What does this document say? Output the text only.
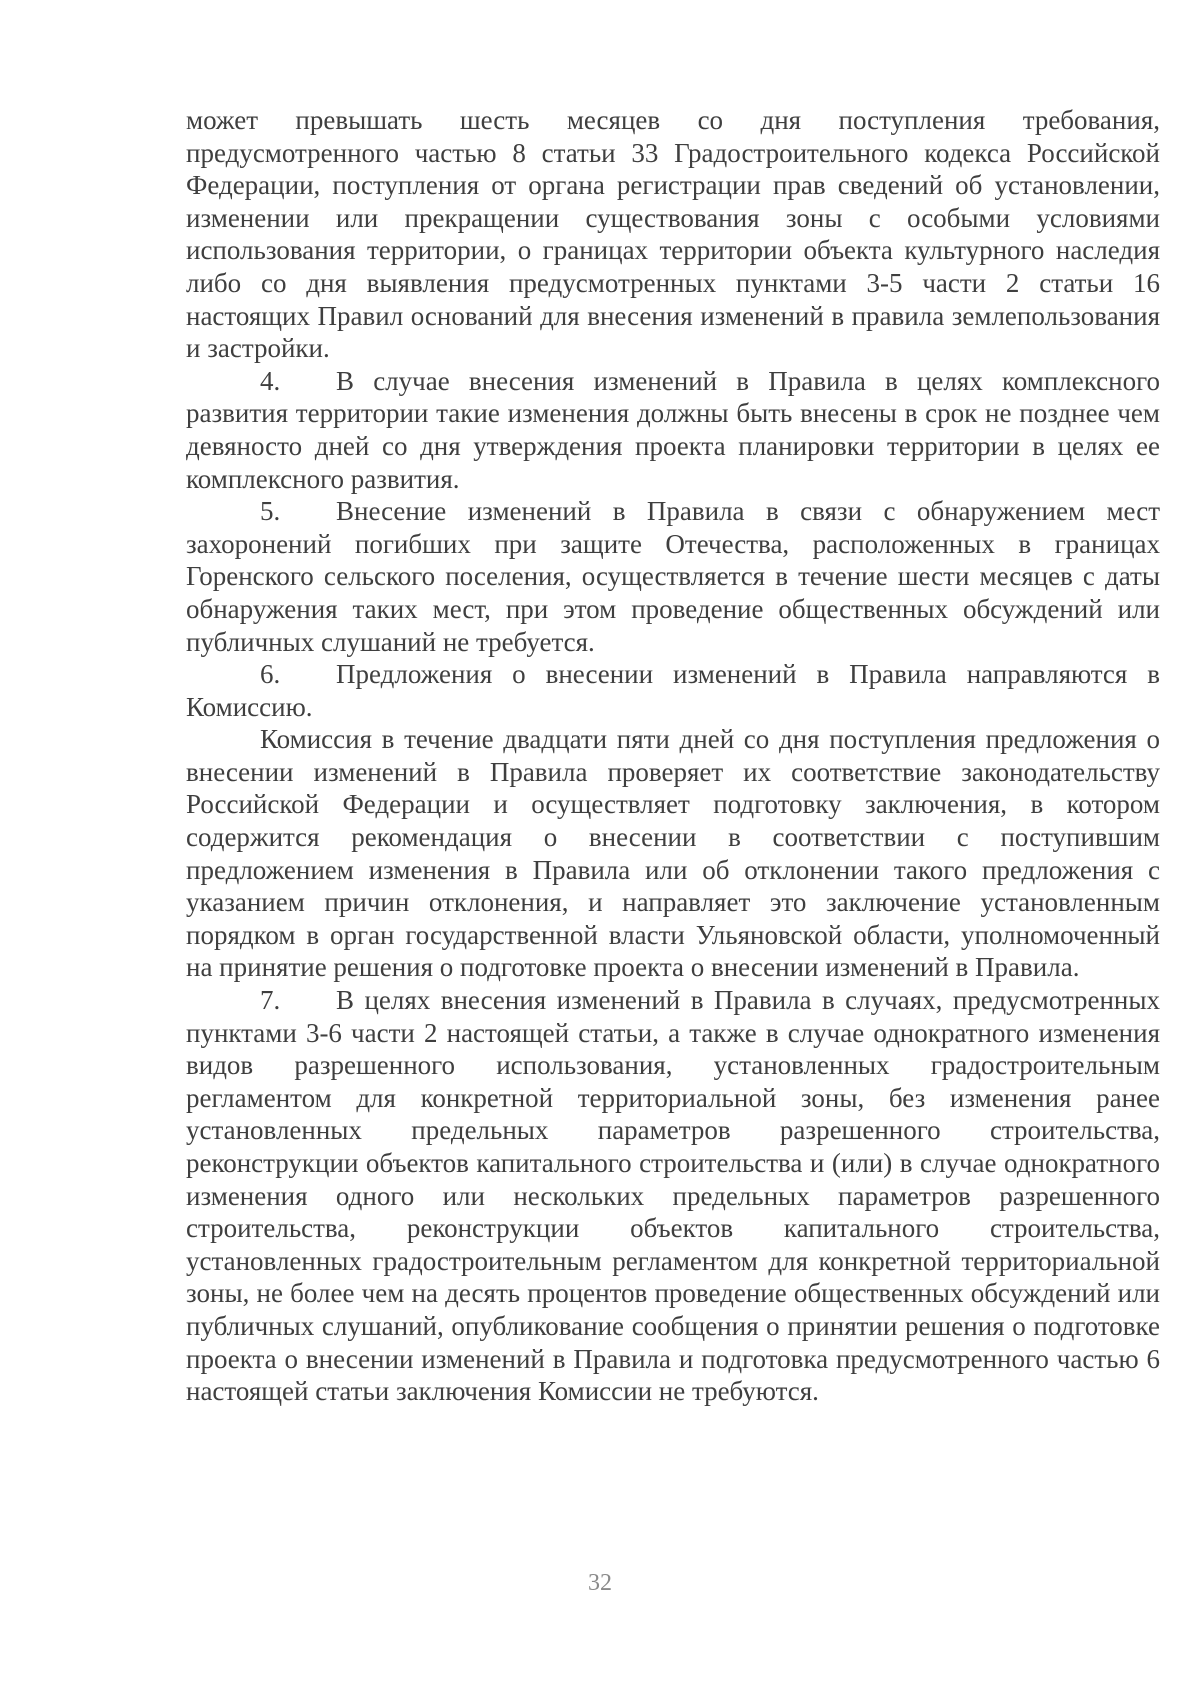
может превышать шесть месяцев со дня поступления требования, предусмотренного частью 8 статьи 33 Градостроительного кодекса Российской Федерации, поступления от органа регистрации прав сведений об установлении, изменении или прекращении существования зоны с особыми условиями использования территории, о границах территории объекта культурного наследия либо со дня выявления предусмотренных пунктами 3-5 части 2 статьи 16 настоящих Правил оснований для внесения изменений в правила землепользования и застройки.

4. В случае внесения изменений в Правила в целях комплексного развития территории такие изменения должны быть внесены в срок не позднее чем девяносто дней со дня утверждения проекта планировки территории в целях ее комплексного развития.

5. Внесение изменений в Правила в связи с обнаружением мест захоронений погибших при защите Отечества, расположенных в границах Горенского сельского поселения, осуществляется в течение шести месяцев с даты обнаружения таких мест, при этом проведение общественных обсуждений или публичных слушаний не требуется.

6. Предложения о внесении изменений в Правила направляются в Комиссию.

Комиссия в течение двадцати пяти дней со дня поступления предложения о внесении изменений в Правила проверяет их соответствие законодательству Российской Федерации и осуществляет подготовку заключения, в котором содержится рекомендация о внесении в соответствии с поступившим предложением изменения в Правила или об отклонении такого предложения с указанием причин отклонения, и направляет это заключение установленным порядком в орган государственной власти Ульяновской области, уполномоченный на принятие решения о подготовке проекта о внесении изменений в Правила.

7. В целях внесения изменений в Правила в случаях, предусмотренных пунктами 3-6 части 2 настоящей статьи, а также в случае однократного изменения видов разрешенного использования, установленных градостроительным регламентом для конкретной территориальной зоны, без изменения ранее установленных предельных параметров разрешенного строительства, реконструкции объектов капитального строительства и (или) в случае однократного изменения одного или нескольких предельных параметров разрешенного строительства, реконструкции объектов капитального строительства, установленных градостроительным регламентом для конкретной территориальной зоны, не более чем на десять процентов проведение общественных обсуждений или публичных слушаний, опубликование сообщения о принятии решения о подготовке проекта о внесении изменений в Правила и подготовка предусмотренного частью 6 настоящей статьи заключения Комиссии не требуются.

32
